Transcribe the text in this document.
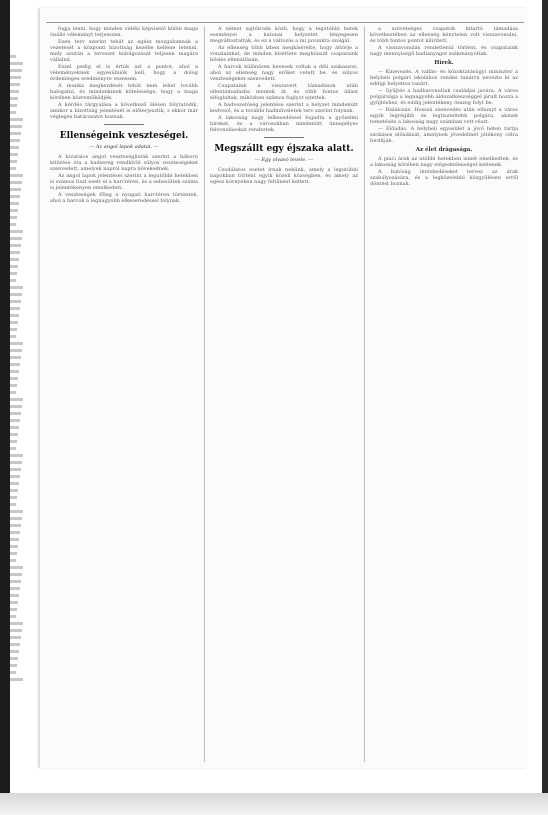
fogja lenni, hogy minden vidéki képviselő külön maga önálló véleményt terjesszen.

Ezen terv szerint tehát az egész mozgalomnak a vezetését a központi bizottság kezébe kellene letenni, mely azután a tervezet kidolgozását teljesen magára vállalná.

Ezzel pedig el is értük azt a pontot, ahol a véleményeknek egyesülniök kell, hogy a dolog érdemleges eredményre vezessen.

A munka megkezdését tehát nem lehet tovább halogatni, és mindenkinek kötelessége, hogy a maga körében közreműködjék.

A kérdés tárgyalása a következő ülésen folytatódik, amikor a bizottság jelentését is előterjesztik, s ekkor már végleges határozatot hoznak.

Ellenségeink veszteségei.
— Az angol lapok adatai. —

A hivatalos angol veszteséglisták szerint a háború kitörése óta a hadsereg rendkívül súlyos veszteségeket szenvedett, amelyek napról napra növekednek.

Az angol lapok jelentései szerint a legutóbbi hetekben is számos tiszt esett el a harctéren, és a sebesültek száma is jelentékenyen emelkedett.

A veszteségek főleg a nyugati harctéren történtek, ahol a harcok a legnagyobb elkeseredéssel folynak.

A német sajtóiroda közli, hogy a legutóbbi hetek eseményei a katonai helyzetet lényegesen megváltoztatták, és ez a változás a mi javunkra szolgál.

Az ellenség több ízben megkísérelte, hogy áttörje a vonalainkat, de minden kísérlete meghiúsult csapataink hősies ellenállásán.

A harcok különösen hevesek voltak a déli szakaszon, ahol az ellenség nagy erőket vetett be, és súlyos veszteségeket szenvedett.

Csapataink a visszavert támadások után ellentámadásba mentek át, és több fontos állást elfoglaltak, miközben számos foglyot ejtettek.

A hadvezetőség jelentése szerint a helyzet mindenütt kedvező, és a további hadműveletek terv szerint folynak.

A lakosság nagy lelkesedéssel fogadta a győzelmi híreket, és a városokban mindenütt ünnepélyes felvonulásokat rendeztek.

Megszállt egy éjszaka alatt.
— Egy olvasó levele. —

Csodálatos esetet írnak nekünk, amely a legutóbbi napokban történt egyik közeli községben, és amely az egész környéken nagy feltűnést keltett.

a szövetséges csapatok kitartó támadása következtében az ellenség kénytelen volt visszavonulni, és több fontos pontot kiürített.

A visszavonulás rendetlenül történt, és csapataink nagy mennyiségű hadianyagot zsákmányoltak.

Hírek.

— Kinevezés. A vallás- és közoktatásügyi miniszter a helybeli polgári iskolához rendes tanárrá nevezte ki az eddigi helyettes tanárt.

— Gyűjtés a hadbavonultak családjai javára. A város polgársága a legnagyobb áldozatkészséggel járult hozzá a gyűjtéshez, és eddig jelentékeny összeg folyt be.

— Halálozás. Hosszú szenvedés után elhunyt a város egyik legrégibb és legtiszteltebb polgára, akinek temetésén a lakosság nagy számban vett részt.

— Előadás. A helybeli egyesület a jövő héten tartja szokásos előadását, amelynek jövedelmét jótékony célra fordítják.

Az élet drágasága.

A piaci árak az utóbbi hetekben ismét emelkedtek, és a lakosság körében nagy elégedetlenséget keltenek.

A hatóság intézkedéseket tervez az árak szabályozására, és a legközelebbi közgyűlésen erről döntést hoznak.
